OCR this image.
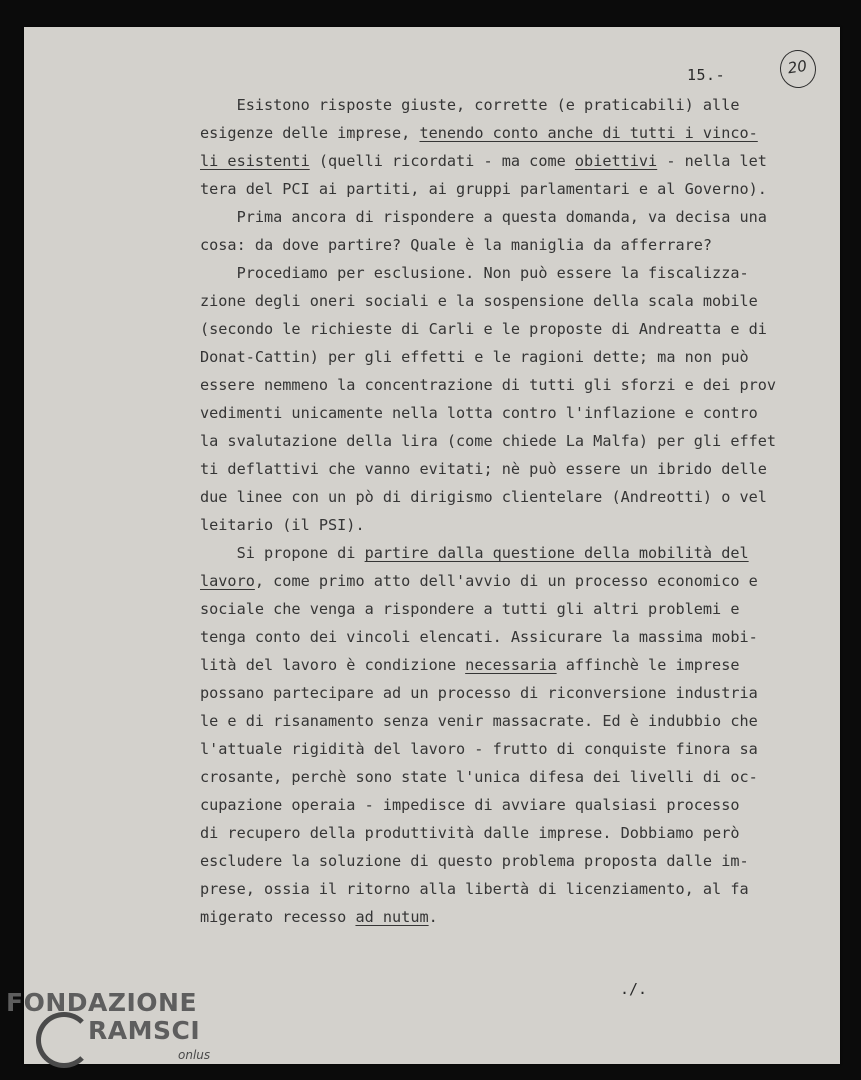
15.-	20
Esistono risposte giuste, corrette (e praticabili) alle
esigenze delle imprese, tenendo conto anche di tutti i vinco-
li esistenti (quelli ricordati - ma come obiettivi - nella let
tera del PCI ai partiti, ai gruppi parlamentari e al Governo).
Prima ancora di rispondere a questa domanda, va decisa una
cosa: da dove partire? Quale è la maniglia da afferrare?
Procediamo per esclusione. Non può essere la fiscalizza-
zione degli oneri sociali e la sospensione della scala mobile
(secondo le richieste di Carli e le proposte di Andreatta e di
Donat-Cattin) per gli effetti e le ragioni dette; ma non può
essere nemmeno la concentrazione di tutti gli sforzi e dei prov
vedimenti unicamente nella lotta contro l'inflazione e contro
la svalutazione della lira (come chiede La Malfa) per gli effet
ti deflattivi che vanno evitati; nè può essere un ibrido delle
due linee con un pò di dirigismo clientelare (Andreotti) o vel
leitario (il PSI).
Si propone di partire dalla questione della mobilità del
lavoro, come primo atto dell'avvio di un processo economico e
sociale che venga a rispondere a tutti gli altri problemi e
tenga conto dei vincoli elencati. Assicurare la massima mobi-
lità del lavoro è condizione necessaria affinchè le imprese
possano partecipare ad un processo di riconversione industria
le e di risanamento senza venir massacrate. Ed è indubbio che
l'attuale rigidità del lavoro - frutto di conquiste finora sa
crosante, perchè sono state l'unica difesa dei livelli di oc-
cupazione operaia - impedisce di avviare qualsiasi processo
di recupero della produttività dalle imprese. Dobbiamo però
escludere la soluzione di questo problema proposta dalle im-
prese, ossia il ritorno alla libertà di licenziamento, al fa
migerato recesso ad nutum.
./.
FONDAZIONE
RAMSCI
onlus
